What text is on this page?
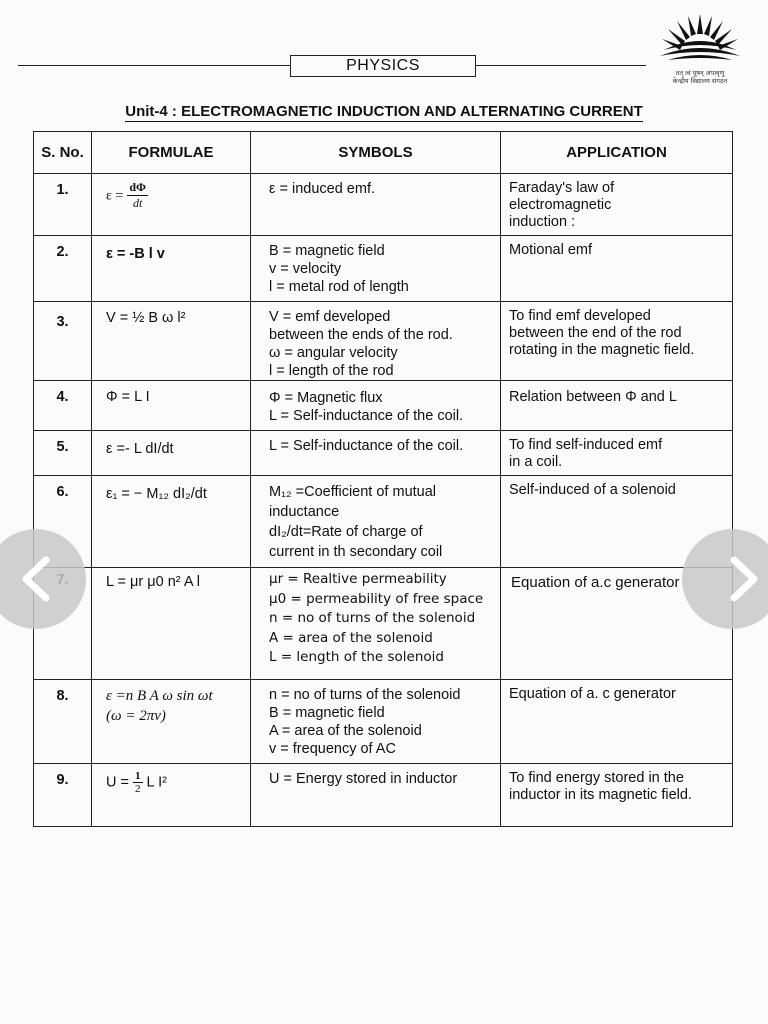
PHYSICS	तत् त्वं पूषन् अपावृणु
केन्द्रीय विद्यालय संगठन
Unit-4 : ELECTROMAGNETIC INDUCTION AND ALTERNATING CURRENT
S. No.	FORMULAE	SYMBOLS	APPLICATION
1.	$\varepsilon = \frac{d\Phi}{dt}$	ε = induced emf.	Faraday's law of
electromagnetic
induction :

2.	ε = -B l v	B = magnetic field
v = velocity
l = metal rod of length	Motional emf

3.	V = ½ B ω l²	V = emf developed
between the ends of the rod.
ω = angular velocity
l = length of the rod	To find emf developed
between the end of the rod
rotating in the magnetic field.

4.	Φ = L I	Φ = Magnetic flux
L = Self-inductance of the coil.	Relation between Φ and L

5.	ε =- L dI/dt	L = Self-inductance of the coil.	To find self-induced emf
in a coil.

6.	ε₁ = − M₁₂ dI₂/dt	M₁₂ =Coefficient of mutual
inductance
dI₂/dt=Rate of charge of
current in th secondary coil	Self-induced of a solenoid

	L = μr μ0 n² A l	μr = Realtive permeability
μ0 = permeability of free space
n = no of turns of the solenoid
A = area of the solenoid
L = length of the solenoid	Equation of a.c generator

8.	ε =n B A ω sin ωt
(ω = 2πν)	n = no of turns of the solenoid
B = magnetic field
A = area of the solenoid
v = frequency of AC	Equation of a. c generator

9.	$U = \frac{1}{2}$ L I²	U = Energy stored in inductor	To find energy stored in the
inductor in its magnetic field.
